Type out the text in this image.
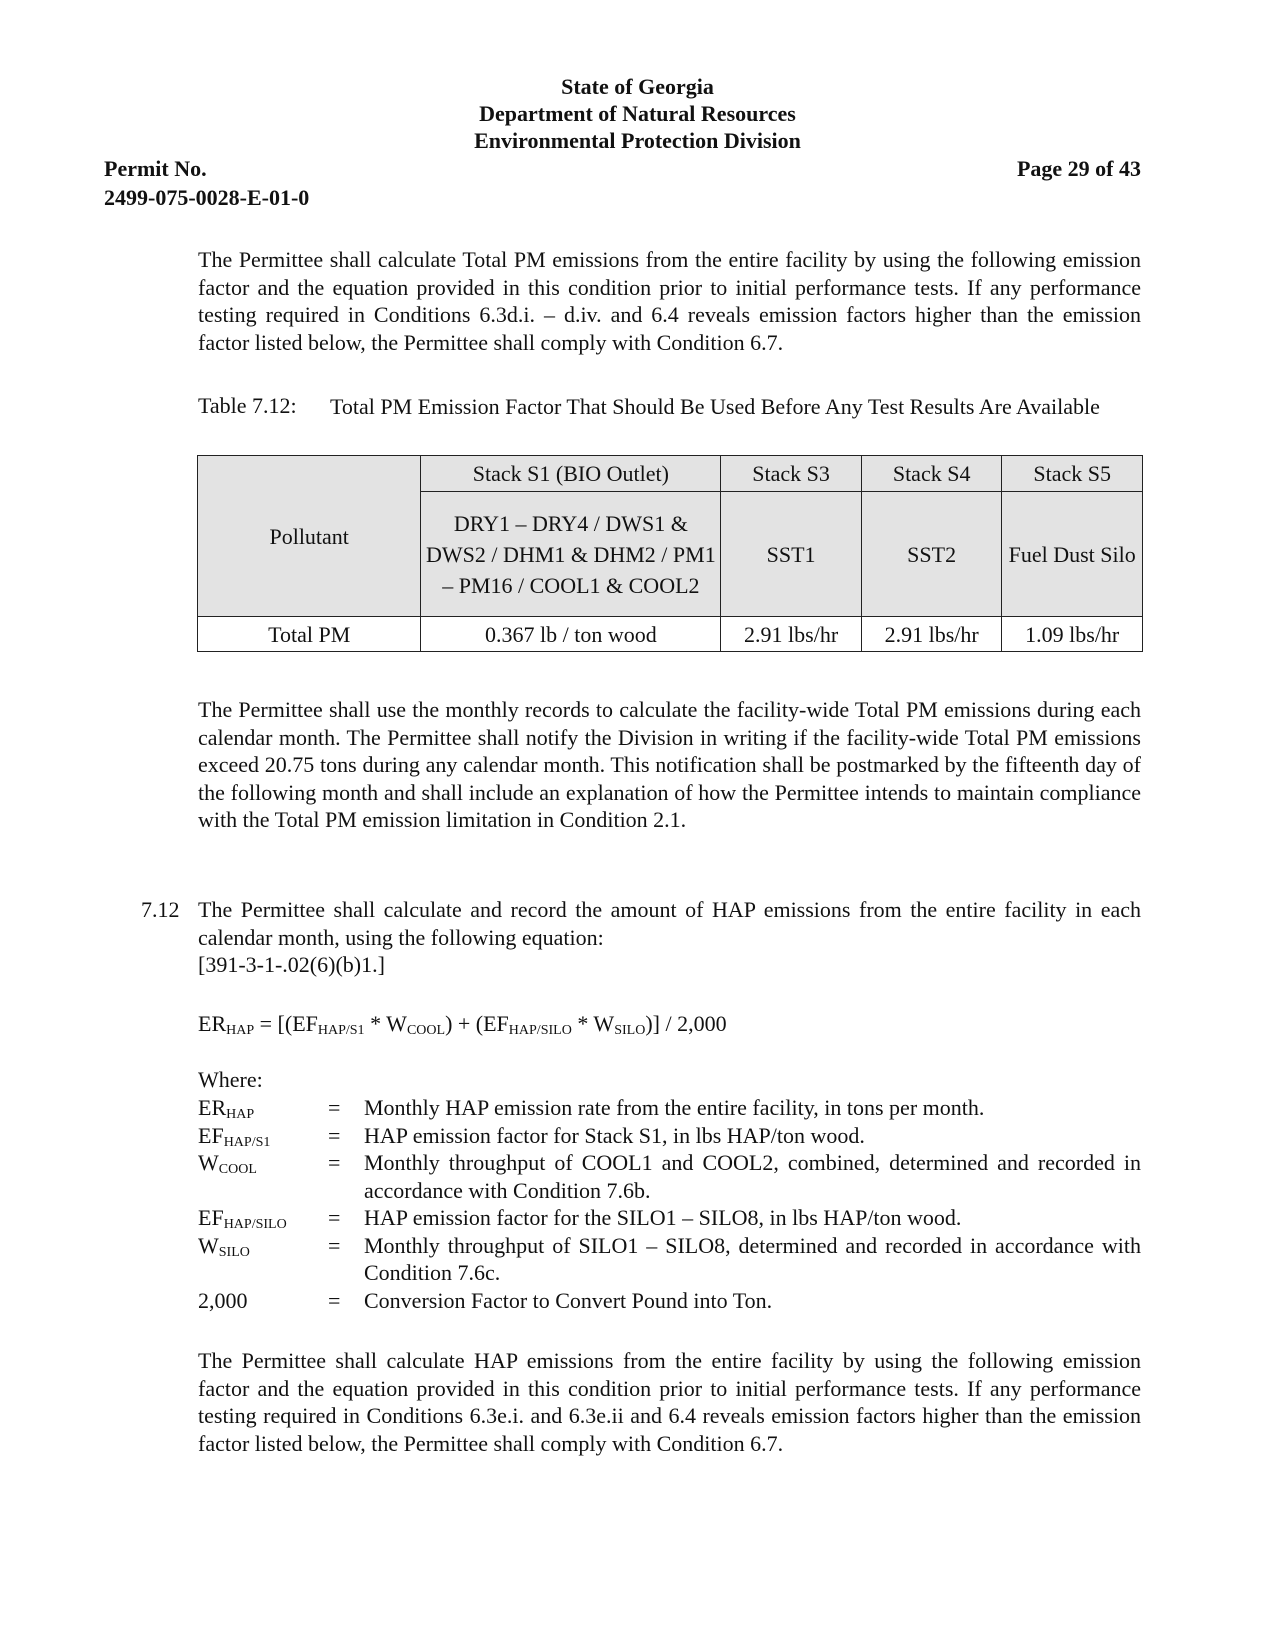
State of Georgia
Department of Natural Resources
Environmental Protection Division
Permit No.
2499-075-0028-E-01-0
Page 29 of 43
The Permittee shall calculate Total PM emissions from the entire facility by using the following emission factor and the equation provided in this condition prior to initial performance tests. If any performance testing required in Conditions 6.3d.i. – d.iv. and 6.4 reveals emission factors higher than the emission factor listed below, the Permittee shall comply with Condition 6.7.
Table 7.12: Total PM Emission Factor That Should Be Used Before Any Test Results Are Available
Pollutant	Stack S1 (BIO Outlet)	Stack S3	Stack S4	Stack S5
	DRY1 – DRY4 / DWS1 & DWS2 / DHM1 & DHM2 / PM1 – PM16 / COOL1 & COOL2	SST1	SST2	Fuel Dust Silo
Total PM	0.367 lb / ton wood	2.91 lbs/hr	2.91 lbs/hr	1.09 lbs/hr
The Permittee shall use the monthly records to calculate the facility-wide Total PM emissions during each calendar month. The Permittee shall notify the Division in writing if the facility-wide Total PM emissions exceed 20.75 tons during any calendar month. This notification shall be postmarked by the fifteenth day of the following month and shall include an explanation of how the Permittee intends to maintain compliance with the Total PM emission limitation in Condition 2.1.
7.12 The Permittee shall calculate and record the amount of HAP emissions from the entire facility in each calendar month, using the following equation:
[391-3-1-.02(6)(b)1.]
$ER_{HAP} = [(EF_{HAP/S1} * W_{COOL}) + (EF_{HAP/SILO} * W_{SILO})] / 2,000$
Where:
$ER_{HAP}$	= Monthly HAP emission rate from the entire facility, in tons per month.
$EF_{HAP/S1}$	= HAP emission factor for Stack S1, in lbs HAP/ton wood.
$W_{COOL}$	= Monthly throughput of COOL1 and COOL2, combined, determined and recorded in accordance with Condition 7.6b.
$EF_{HAP/SILO}$ = HAP emission factor for the SILO1 – SILO8, in lbs HAP/ton wood.
$W_{SILO}$	= Monthly throughput of SILO1 – SILO8, determined and recorded in accordance with Condition 7.6c.
2,000	= Conversion Factor to Convert Pound into Ton.
The Permittee shall calculate HAP emissions from the entire facility by using the following emission factor and the equation provided in this condition prior to initial performance tests. If any performance testing required in Conditions 6.3e.i. and 6.3e.ii and 6.4 reveals emission factors higher than the emission factor listed below, the Permittee shall comply with Condition 6.7.
